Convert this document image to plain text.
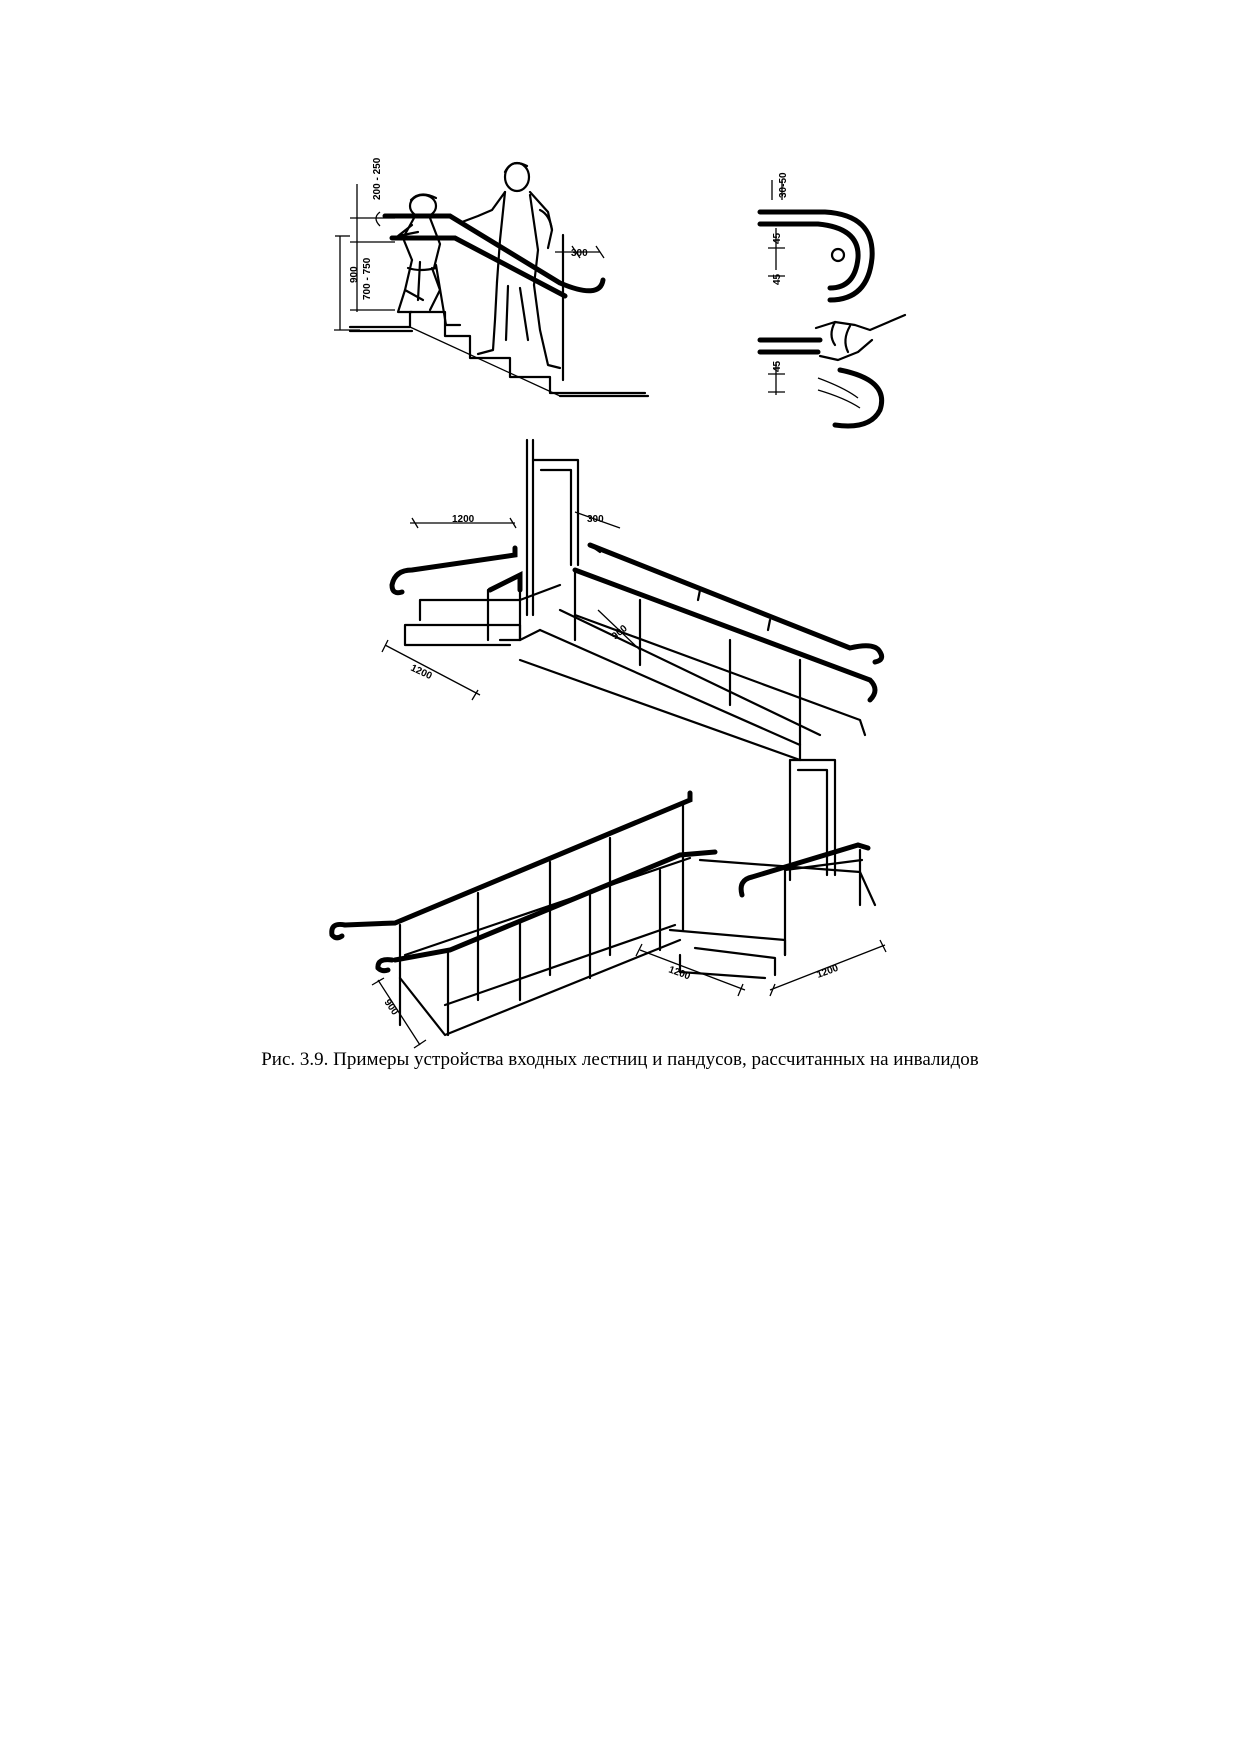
200 - 250
900 700 - 750
300
30-50
45
45
45
1200	300
900
1200
1200	1200
900
Рис. 3.9. Примеры устройства входных лестниц и пандусов, рассчитанных на инвалидов
